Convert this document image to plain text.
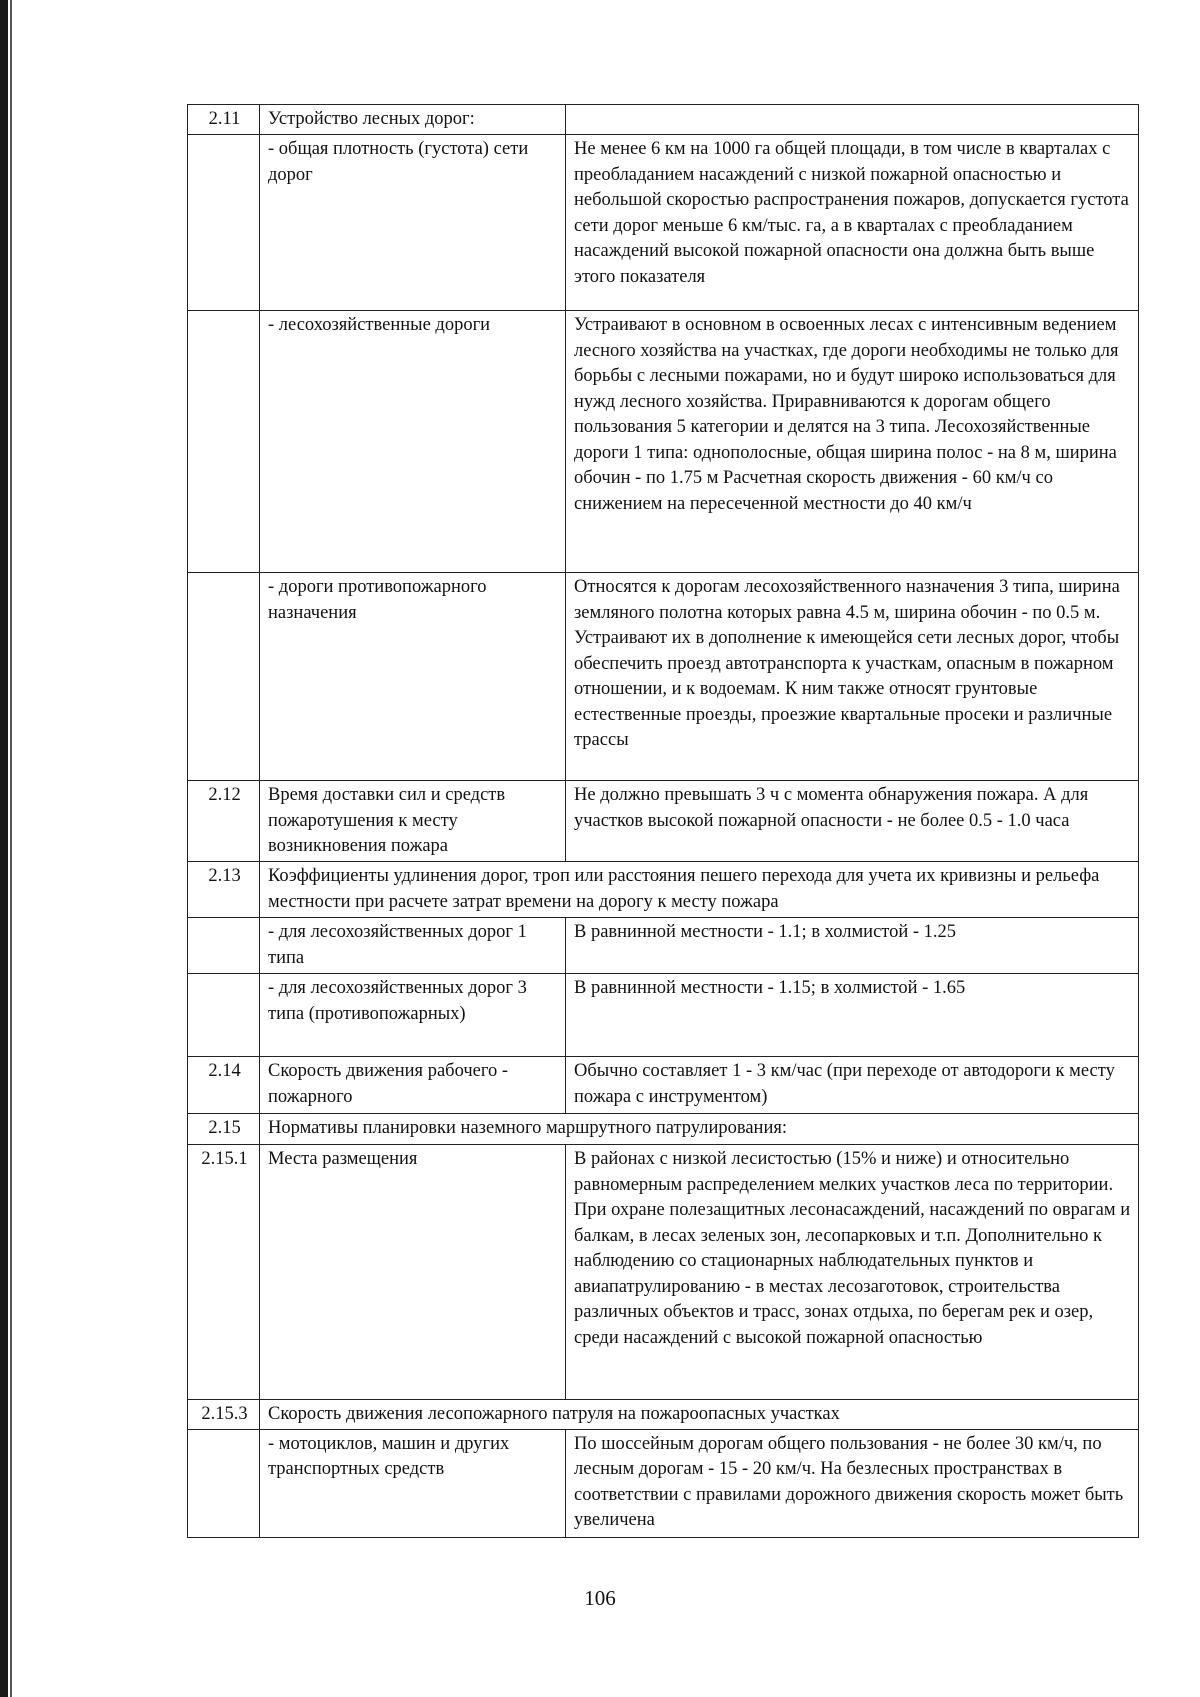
2.11	Устройство лесных дорог:	
	- общая плотность (густота) сети дорог	Не менее 6 км на 1000 га общей площади, в том числе в кварталах с преобладанием насаждений с низкой пожарной опасностью и небольшой скоростью распространения пожаров, допускается густота сети дорог меньше 6 км/тыс. га, а в кварталах с преобладанием насаждений высокой пожарной опасности она должна быть выше этого показателя
	- лесохозяйственные дороги	Устраивают в основном в освоенных лесах с интенсивным ведением лесного хозяйства на участках, где дороги необходимы не только для борьбы с лесными пожарами, но и будут широко использоваться для нужд лесного хозяйства. Приравниваются к дорогам общего пользования 5 категории и делятся на 3 типа. Лесохозяйственные дороги 1 типа: однополосные, общая ширина полос - на 8 м, ширина обочин - по 1.75 м Расчетная скорость движения - 60 км/ч со снижением на пересеченной местности до 40 км/ч
	- дороги противопожарного назначения	Относятся к дорогам лесохозяйственного назначения 3 типа, ширина земляного полотна которых равна 4.5 м, ширина обочин - по 0.5 м. Устраивают их в дополнение к имеющейся сети лесных дорог, чтобы обеспечить проезд автотранспорта к участкам, опасным в пожарном отношении, и к водоемам. К ним также относят грунтовые естественные проезды, проезжие квартальные просеки и различные трассы
2.12	Время доставки сил и средств пожаротушения к месту возникновения пожара	Не должно превышать 3 ч с момента обнаружения пожара. А для участков высокой пожарной опасности - не более 0.5 - 1.0 часа
2.13	Коэффициенты удлинения дорог, троп или расстояния пешего перехода для учета их кривизны и рельефа местности при расчете затрат времени на дорогу к месту пожара	
	- для лесохозяйственных дорог 1 типа	В равнинной местности - 1.1; в холмистой - 1.25
	- для лесохозяйственных дорог 3 типа (противопожарных)	В равнинной местности - 1.15; в холмистой - 1.65
2.14	Скорость движения рабочего - пожарного	Обычно составляет 1 - 3 км/час (при переходе от автодороги к месту пожара с инструментом)
2.15	Нормативы планировки наземного маршрутного патрулирования:	
2.15.1	Места размещения	В районах с низкой лесистостью (15% и ниже) и относительно равномерным распределением мелких участков леса по территории. При охране полезащитных лесонасаждений, насаждений по оврагам и балкам, в лесах зеленых зон, лесопарковых и т.п. Дополнительно к наблюдению со стационарных наблюдательных пунктов и авиапатрулированию - в местах лесозаготовок, строительства различных объектов и трасс, зонах отдыха, по берегам рек и озер, среди насаждений с высокой пожарной опасностью
2.15.3	Скорость движения лесопожарного патруля на пожароопасных участках	
	- мотоциклов, машин и других транспортных средств	По шоссейным дорогам общего пользования - не более 30 км/ч, по лесным дорогам - 15 - 20 км/ч. На безлесных пространствах в соответствии с правилами дорожного движения скорость может быть увеличена
106
